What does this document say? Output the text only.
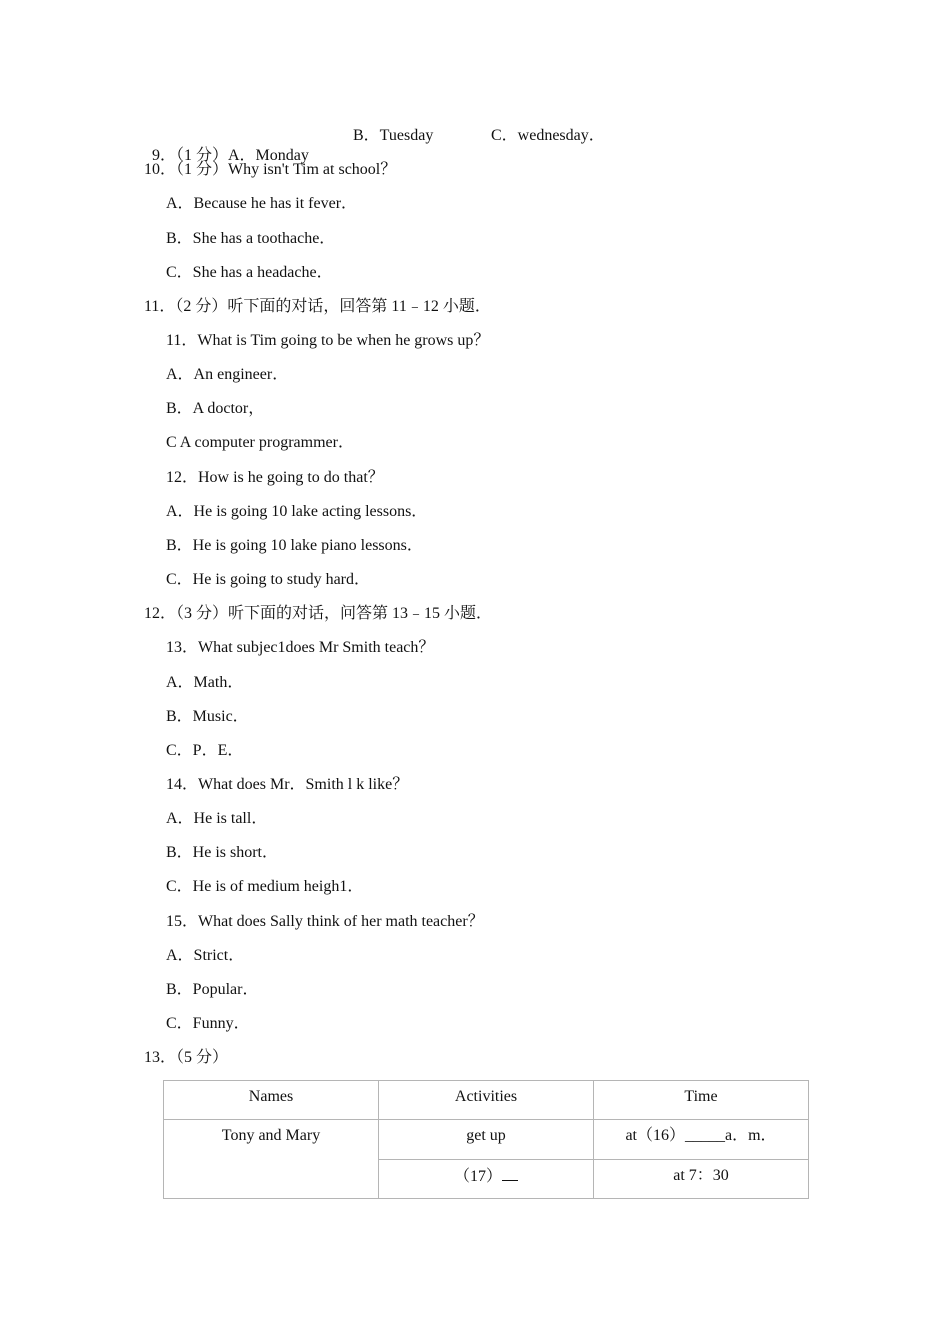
9．（1 分）A．Monday

B．Tuesday

	C．wednesday．

10．（1 分）Why isn't Tim at school？
A．Because he has it fever．
B．She has a toothache．
C．She has a headache．
11．（2 分）听下面的对话，回答第 11﹣12 小题．
11．What is Tim going to be when he grows up？
A．An engineer．
B．A doctor，
C A computer programmer．
12．How is he going to do that？
A．He is going 10 lake acting lessons．
B．He is going 10 lake piano lessons．
C．He is going to study hard．
12．（3 分）听下面的对话，问答第 13﹣15 小题．
13．What subjec1does Mr Smith teach？
A．Math．
B．Music．
C．P．E．
14．What does Mr．Smith l k like？
A．He is tall．
B．He is short．
C．He is of medium heigh1．
15．What does Sally think of her math teacher？
A．Strict．
B．Popular．
C．Funny．
13．（5 分）
Names	Activities	Time
Tony and Mary	get up	at（16）_____a．m．
	（17）	at 7：30
